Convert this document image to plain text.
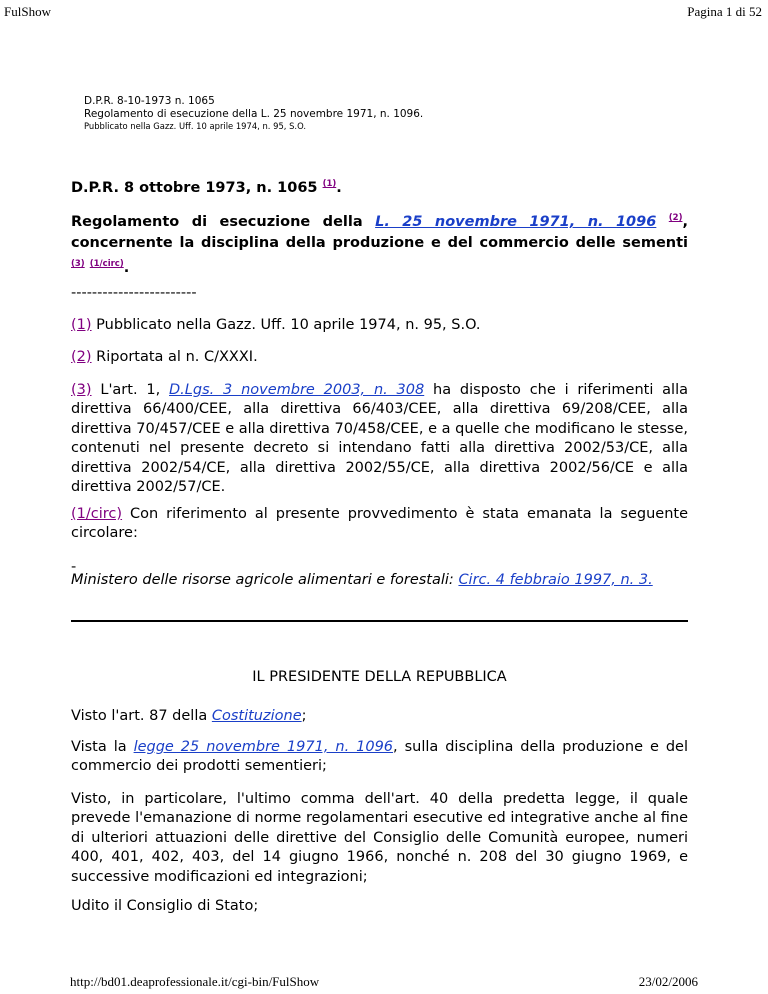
FulShow	Pagina 1 di 52
D.P.R. 8-10-1973 n. 1065
Regolamento di esecuzione della L. 25 novembre 1971, n. 1096.
Pubblicato nella Gazz. Uff. 10 aprile 1974, n. 95, S.O.
D.P.R. 8 ottobre 1973, n. 1065 $^{(1)}$.
Regolamento di esecuzione della L. 25 novembre 1971, n. 1096 $^{(2)}$, concernente la disciplina della produzione e del commercio delle sementi $^{(3)}$ $^{(1/circ)}$.
------------------------
(1) Pubblicato nella Gazz. Uff. 10 aprile 1974, n. 95, S.O.
(2) Riportata al n. C/XXXI.
(3) L'art. 1, D.Lgs. 3 novembre 2003, n. 308 ha disposto che i riferimenti alla direttiva 66/400/CEE, alla direttiva 66/403/CEE, alla direttiva 69/208/CEE, alla direttiva 70/457/CEE e alla direttiva 70/458/CEE, e a quelle che modificano le stesse, contenuti nel presente decreto si intendano fatti alla direttiva 2002/53/CE, alla direttiva 2002/54/CE, alla direttiva 2002/55/CE, alla direttiva 2002/56/CE e alla direttiva 2002/57/CE.
(1/circ) Con riferimento al presente provvedimento è stata emanata la seguente circolare:
-
Ministero delle risorse agricole alimentari e forestali: Circ. 4 febbraio 1997, n. 3.
IL PRESIDENTE DELLA REPUBBLICA
Visto l'art. 87 della Costituzione;
Vista la legge 25 novembre 1971, n. 1096, sulla disciplina della produzione e del commercio dei prodotti sementieri;
Visto, in particolare, l'ultimo comma dell'art. 40 della predetta legge, il quale prevede l'emanazione di norme regolamentari esecutive ed integrative anche al fine di ulteriori attuazioni delle direttive del Consiglio delle Comunità europee, numeri 400, 401, 402, 403, del 14 giugno 1966, nonché n. 208 del 30 giugno 1969, e successive modificazioni ed integrazioni;
Udito il Consiglio di Stato;
http://bd01.deaprofessionale.it/cgi-bin/FulShow	23/02/2006
